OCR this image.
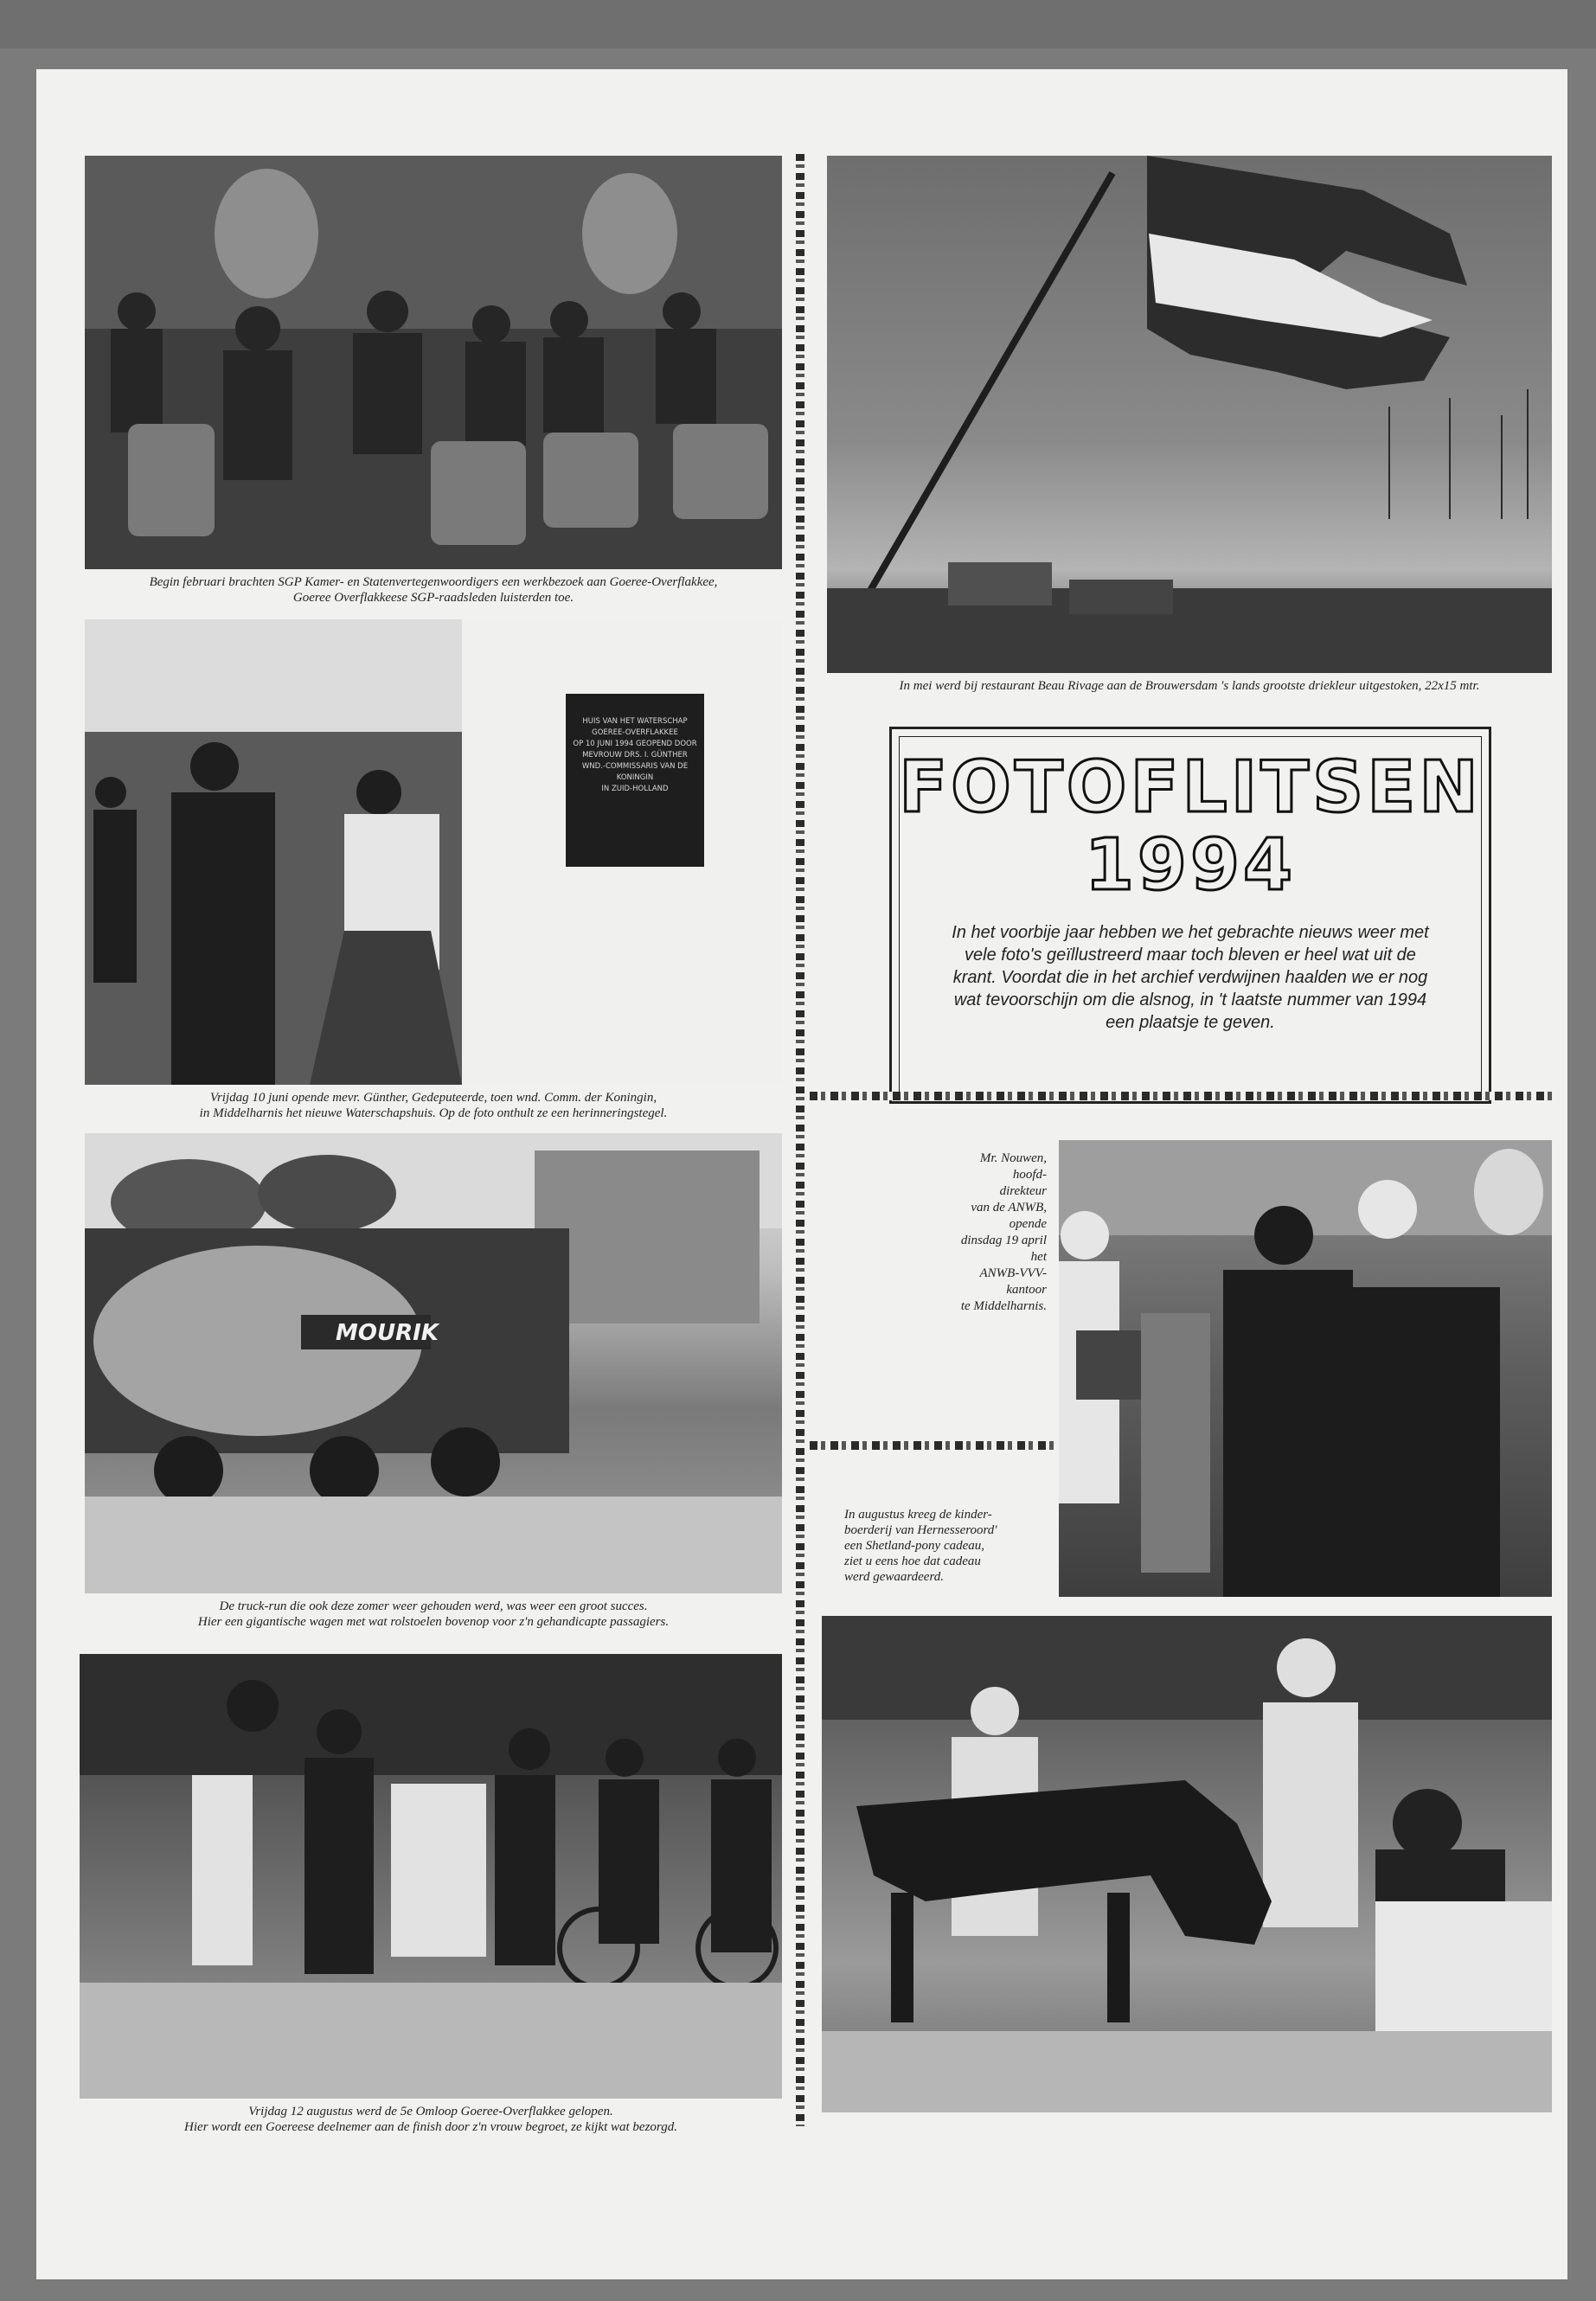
Begin februari brachten SGP Kamer- en Statenvertegenwoordigers een werkbezoek aan Goeree-Overflakkee,
Goeree Overflakkeese SGP-raadsleden luisterden toe.
HUIS VAN HET WATERSCHAP
GOEREE-OVERFLAKKEE
OP 10 JUNI 1994 GEOPEND DOOR
MEVROUW DRS. I. GÜNTHER
WND.-COMMISSARIS VAN DE KONINGIN
IN ZUID-HOLLAND
Vrijdag 10 juni opende mevr. Günther, Gedeputeerde, toen wnd. Comm. der Koningin,
in Middelharnis het nieuwe Waterschapshuis. Op de foto onthult ze een herinneringstegel.
MOURIK
De truck-run die ook deze zomer weer gehouden werd, was weer een groot succes.
Hier een gigantische wagen met wat rolstoelen bovenop voor z'n gehandicapte passagiers.
Vrijdag 12 augustus werd de 5e Omloop Goeree-Overflakkee gelopen.
Hier wordt een Goereese deelnemer aan de finish door z'n vrouw begroet, ze kijkt wat bezorgd.
In mei werd bij restaurant Beau Rivage aan de Brouwersdam 's lands grootste driekleur uitgestoken, 22x15 mtr.
FOTOFLITSEN
1994
In het voorbije jaar hebben we het gebrachte nieuws weer met vele foto's geïllustreerd maar toch bleven er heel wat uit de krant. Voordat die in het archief verdwijnen haalden we er nog wat tevoorschijn om die alsnog, in 't laatste nummer van 1994 een plaatsje te geven.
Mr. Nouwen,
hoofd-
direkteur
van de ANWB,
opende
dinsdag 19 april
het
ANWB-VVV-
kantoor
te Middelharnis.
In augustus kreeg de kinder-
boerderij van Hernesseroord'
een Shetland-pony cadeau,
ziet u eens hoe dat cadeau
werd gewaardeerd.
